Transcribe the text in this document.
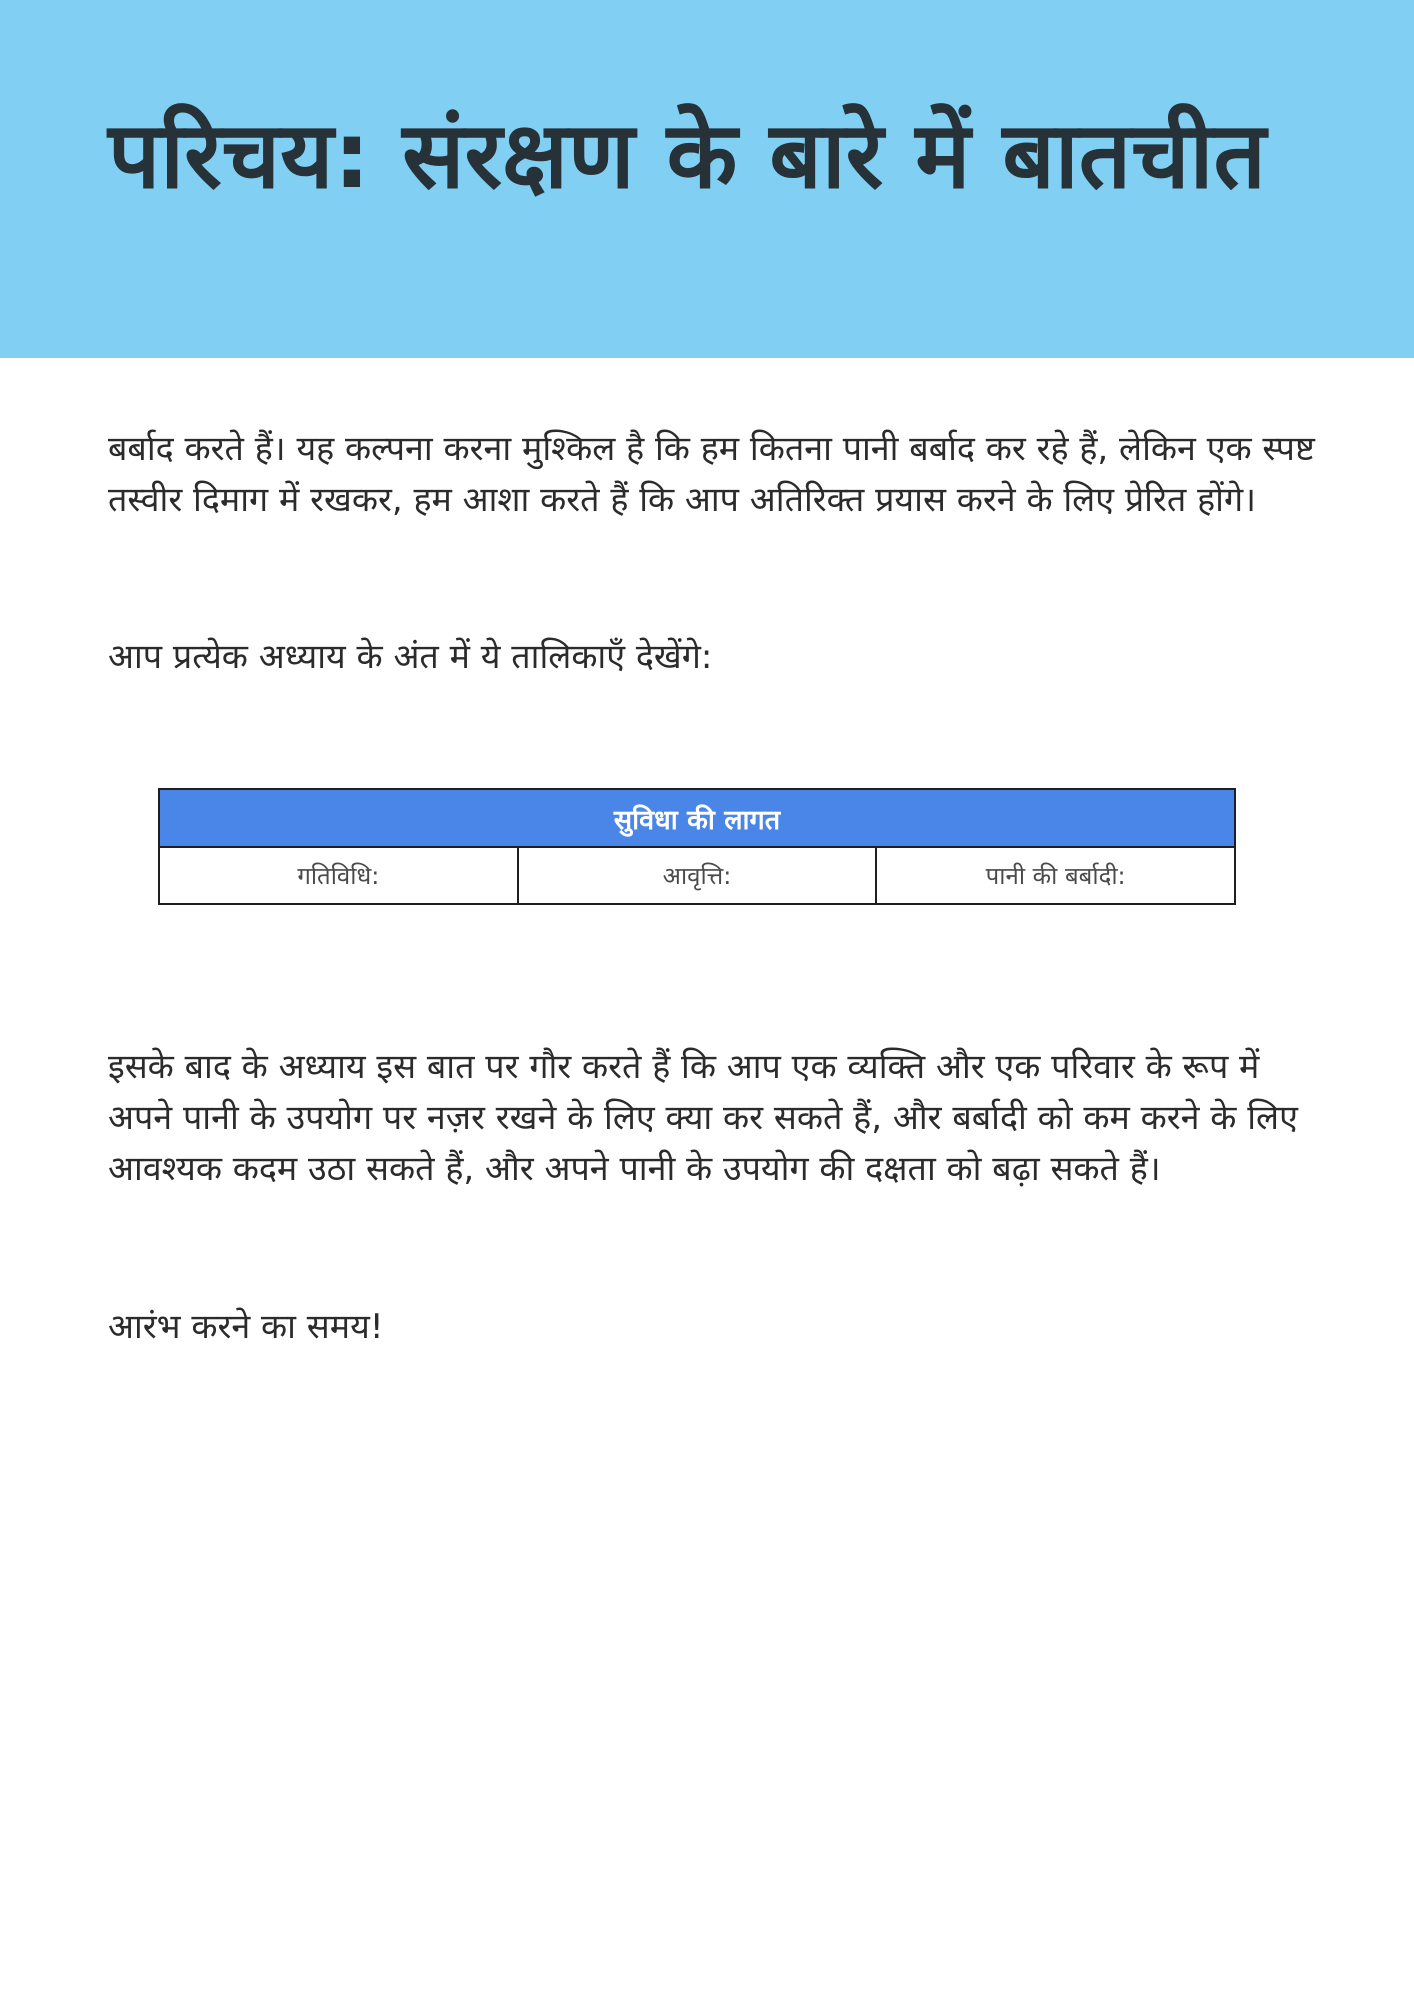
परिचय: संरक्षण के बारे में बातचीत

बर्बाद करते हैं। यह कल्पना करना मुश्किल है कि हम कितना पानी बर्बाद कर रहे हैं, लेकिन एक स्पष्ट तस्वीर दिमाग में रखकर, हम आशा करते हैं कि आप अतिरिक्त प्रयास करने के लिए प्रेरित होंगे।

आप प्रत्येक अध्याय के अंत में ये तालिकाएँ देखेंगे:

सुविधा की लागत
गतिविधि:	आवृत्ति:	पानी की बर्बादी:

इसके बाद के अध्याय इस बात पर गौर करते हैं कि आप एक व्यक्ति और एक परिवार के रूप में अपने पानी के उपयोग पर नज़र रखने के लिए क्या कर सकते हैं, और बर्बादी को कम करने के लिए आवश्यक कदम उठा सकते हैं, और अपने पानी के उपयोग की दक्षता को बढ़ा सकते हैं।

आरंभ करने का समय!
